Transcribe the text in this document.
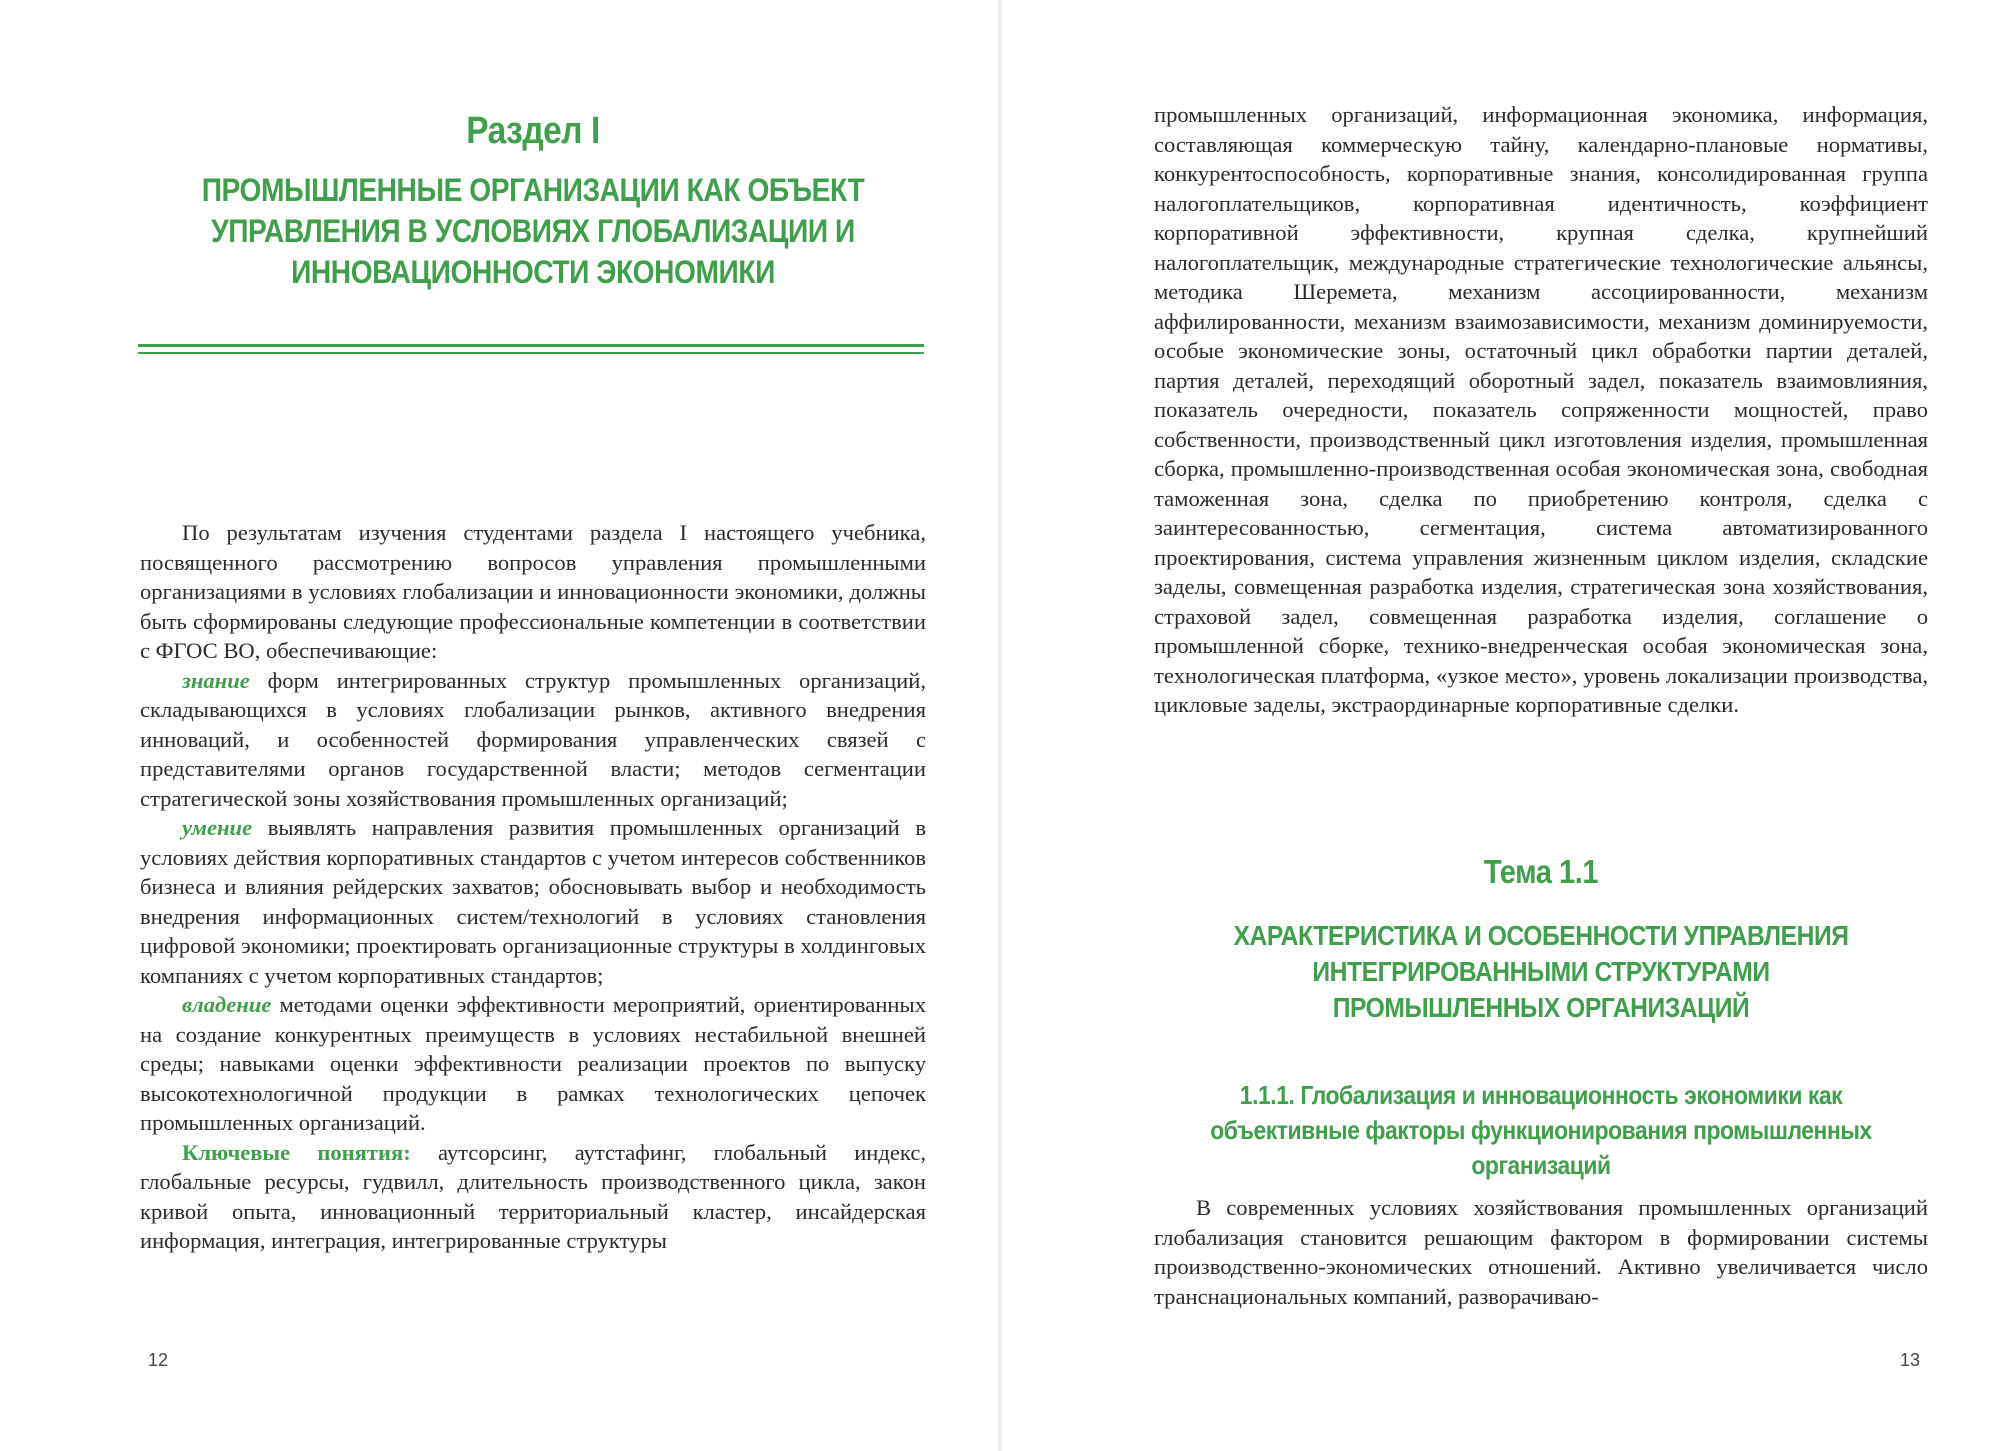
Раздел I
ПРОМЫШЛЕННЫЕ ОРГАНИЗАЦИИ КАК ОБЪЕКТ УПРАВЛЕНИЯ В УСЛОВИЯХ ГЛОБАЛИЗАЦИИ И ИННОВАЦИОННОСТИ ЭКОНОМИКИ

По результатам изучения студентами раздела I настоящего учебника, посвященного рассмотрению вопросов управления промышленными организациями в условиях глобализации и инновационности экономики, должны быть сформированы следующие профессиональные компетенции в соответствии с ФГОС ВО, обеспечивающие:

знание форм интегрированных структур промышленных организаций, складывающихся в условиях глобализации рынков, активного внедрения инноваций, и особенностей формирования управленческих связей с представителями органов государственной власти; методов сегментации стратегической зоны хозяйствования промышленных организаций;

умение выявлять направления развития промышленных организаций в условиях действия корпоративных стандартов с учетом интересов собственников бизнеса и влияния рейдерских захватов; обосновывать выбор и необходимость внедрения информационных систем/технологий в условиях становления цифровой экономики; проектировать организационные структуры в холдинговых компаниях с учетом корпоративных стандартов;

владение методами оценки эффективности мероприятий, ориентированных на создание конкурентных преимуществ в условиях нестабильной внешней среды; навыками оценки эффективности реализации проектов по выпуску высокотехнологичной продукции в рамках технологических цепочек промышленных организаций.

Ключевые понятия: аутсорсинг, аутстафинг, глобальный индекс, глобальные ресурсы, гудвилл, длительность производственного цикла, закон кривой опыта, инновационный территориальный кластер, инсайдерская информация, интеграция, интегрированные структуры

12

промышленных организаций, информационная экономика, информация, составляющая коммерческую тайну, календарно-плановые нормативы, конкурентоспособность, корпоративные знания, консолидированная группа налогоплательщиков, корпоративная идентичность, коэффициент корпоративной эффективности, крупная сделка, крупнейший налогоплательщик, международные стратегические технологические альянсы, методика Шеремета, механизм ассоциированности, механизм аффилированности, механизм взаимозависимости, механизм доминируемости, особые экономические зоны, остаточный цикл обработки партии деталей, партия деталей, переходящий оборотный задел, показатель взаимовлияния, показатель очередности, показатель сопряженности мощностей, право собственности, производственный цикл изготовления изделия, промышленная сборка, промышленно-производственная особая экономическая зона, свободная таможенная зона, сделка по приобретению контроля, сделка с заинтересованностью, сегментация, система автоматизированного проектирования, система управления жизненным циклом изделия, складские заделы, совмещенная разработка изделия, стратегическая зона хозяйствования, страховой задел, совмещенная разработка изделия, соглашение о промышленной сборке, технико-внедренческая особая экономическая зона, технологическая платформа, «узкое место», уровень локализации производства, цикловые заделы, экстраординарные корпоративные сделки.

Тема 1.1
ХАРАКТЕРИСТИКА И ОСОБЕННОСТИ УПРАВЛЕНИЯ ИНТЕГРИРОВАННЫМИ СТРУКТУРАМИ ПРОМЫШЛЕННЫХ ОРГАНИЗАЦИЙ
1.1.1. Глобализация и инновационность экономики как объективные факторы функционирования промышленных организаций

В современных условиях хозяйствования промышленных организаций глобализация становится решающим фактором в формировании системы производственно-экономических отношений. Активно увеличивается число транснациональных компаний, разворачиваю-

13
